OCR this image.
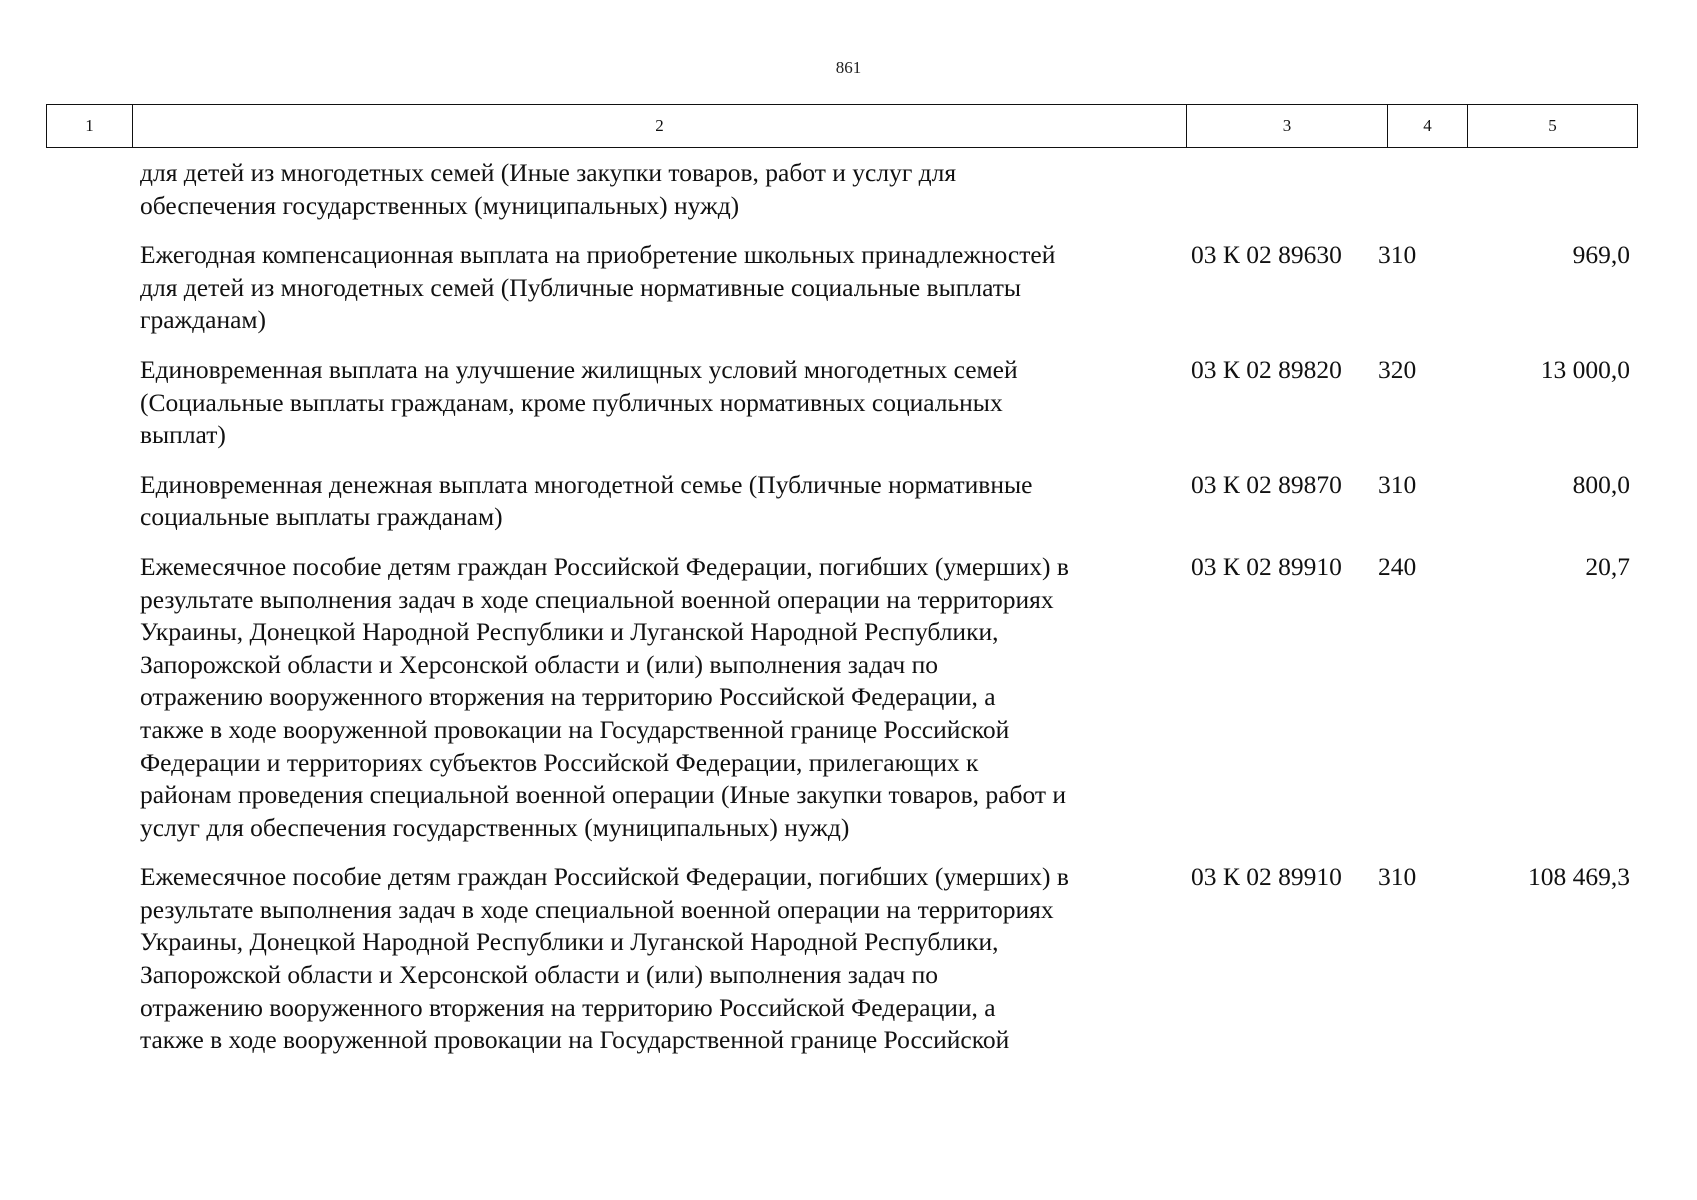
861
1	2	3	4	5
для детей из многодетных семей (Иные закупки товаров, работ и услуг для
обеспечения государственных (муниципальных) нужд)
Ежегодная компенсационная выплата на приобретение школьных принадлежностей
для детей из многодетных семей (Публичные нормативные социальные выплаты
гражданам)
03 К 02 89630 310	969,0
Единовременная выплата на улучшение жилищных условий многодетных семей
(Социальные выплаты гражданам, кроме публичных нормативных социальных
выплат)
03 К 02 89820 320	13 000,0
Единовременная денежная выплата многодетной семье (Публичные нормативные
социальные выплаты гражданам)
03 К 02 89870 310	800,0
Ежемесячное пособие детям граждан Российской Федерации, погибших (умерших) в
результате выполнения задач в ходе специальной военной операции на территориях
Украины, Донецкой Народной Республики и Луганской Народной Республики,
Запорожской области и Херсонской области и (или) выполнения задач по
отражению вооруженного вторжения на территорию Российской Федерации, а
также в ходе вооруженной провокации на Государственной границе Российской
Федерации и территориях субъектов Российской Федерации, прилегающих к
районам проведения специальной военной операции (Иные закупки товаров, работ и
услуг для обеспечения государственных (муниципальных) нужд)
03 К 02 89910 240	20,7
Ежемесячное пособие детям граждан Российской Федерации, погибших (умерших) в
результате выполнения задач в ходе специальной военной операции на территориях
Украины, Донецкой Народной Республики и Луганской Народной Республики,
Запорожской области и Херсонской области и (или) выполнения задач по
отражению вооруженного вторжения на территорию Российской Федерации, а
также в ходе вооруженной провокации на Государственной границе Российской
03 К 02 89910 310	108 469,3
